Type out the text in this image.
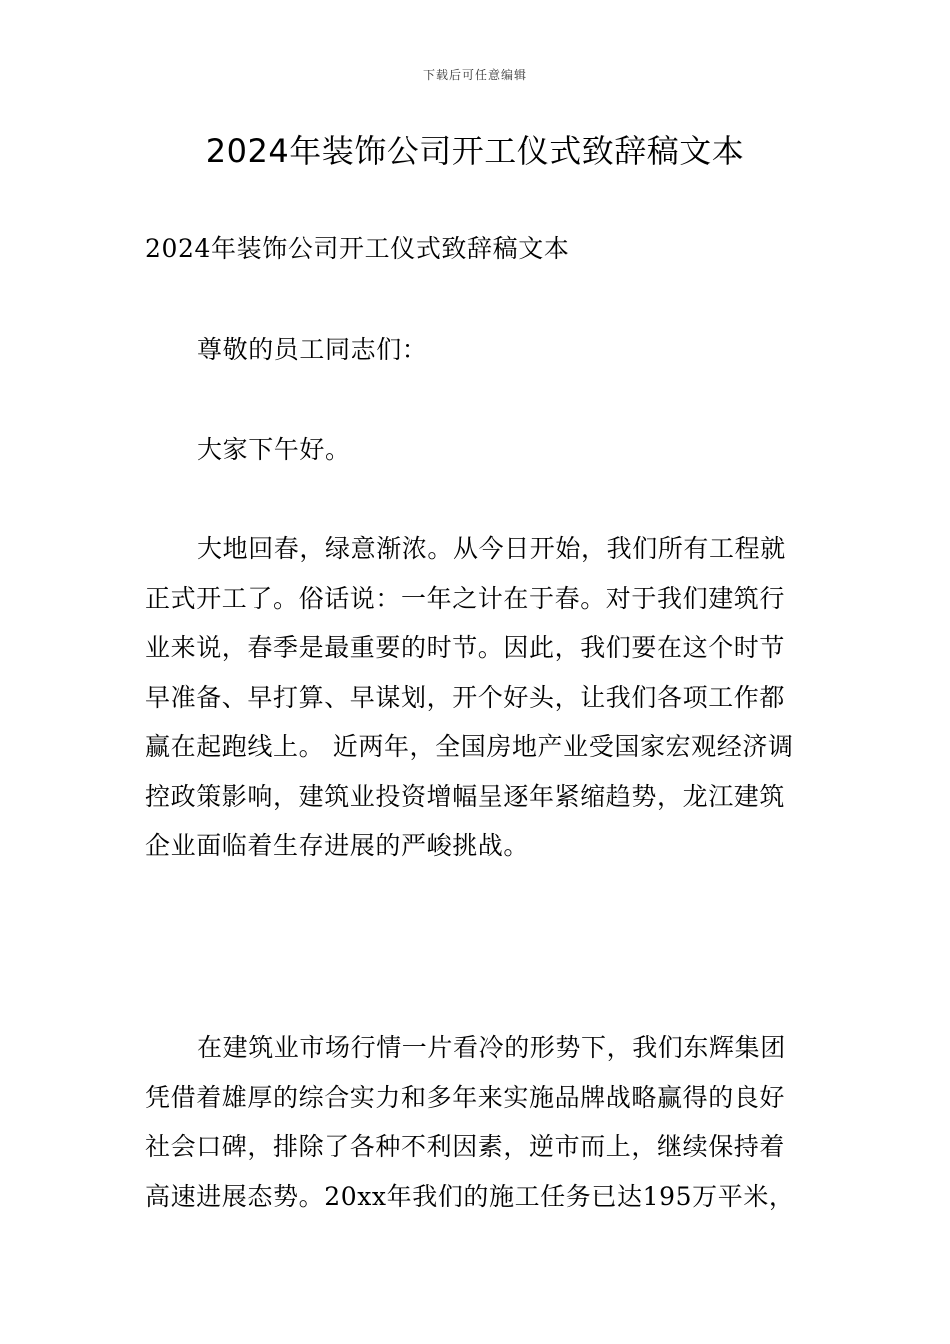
下载后可任意编辑
2024年装饰公司开工仪式致辞稿文本

2024年装饰公司开工仪式致辞稿文本

尊敬的员工同志们：

大家下午好。

大地回春，绿意渐浓。从今日开始，我们所有工程就正式开工了。俗话说：一年之计在于春。对于我们建筑行业来说，春季是最重要的时节。因此，我们要在这个时节早准备、早打算、早谋划，开个好头，让我们各项工作都赢在起跑线上。 近两年，全国房地产业受国家宏观经济调控政策影响，建筑业投资增幅呈逐年紧缩趋势，龙江建筑企业面临着生存进展的严峻挑战。

在建筑业市场行情一片看冷的形势下，我们东辉集团凭借着雄厚的综合实力和多年来实施品牌战略赢得的良好社会口碑，排除了各种不利因素，逆市而上，继续保持着高速进展态势。20xx年我们的施工任务已达195万平米，
